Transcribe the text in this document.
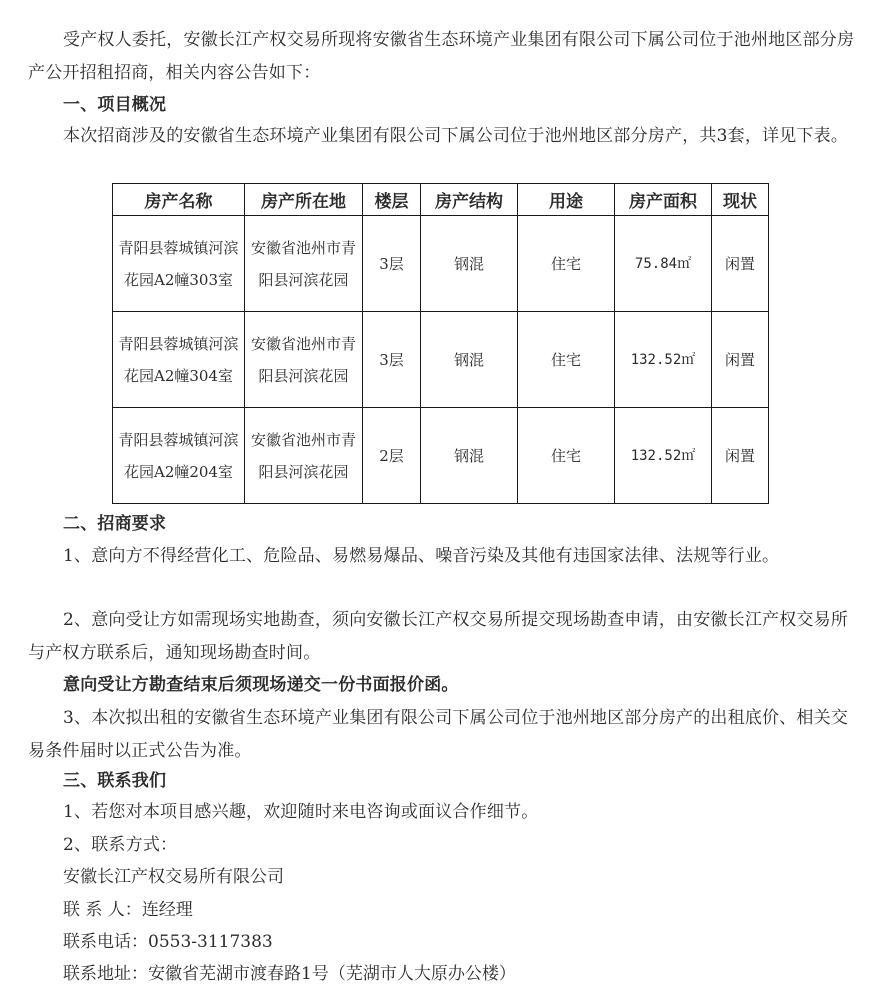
受产权人委托，安徽长江产权交易所现将安徽省生态环境产业集团有限公司下属公司位于池州地区部分房产公开招租招商，相关内容公告如下：

一、项目概况

本次招商涉及的安徽省生态环境产业集团有限公司下属公司位于池州地区部分房产，共3套，详见下表。

房产名称	房产所在地	楼层	房产结构	用途	房产面积	现状
青阳县蓉城镇河滨花园A2幢303室	安徽省池州市青阳县河滨花园	3层	钢混	住宅	75.84㎡	闲置
青阳县蓉城镇河滨花园A2幢304室	安徽省池州市青阳县河滨花园	3层	钢混	住宅	132.52㎡	闲置
青阳县蓉城镇河滨花园A2幢204室	安徽省池州市青阳县河滨花园	2层	钢混	住宅	132.52㎡	闲置

二、招商要求

1、意向方不得经营化工、危险品、易燃易爆品、噪音污染及其他有违国家法律、法规等行业。

2、意向受让方如需现场实地勘查，须向安徽长江产权交易所提交现场勘查申请，由安徽长江产权交易所与产权方联系后，通知现场勘查时间。

意向受让方勘查结束后须现场递交一份书面报价函。

3、本次拟出租的安徽省生态环境产业集团有限公司下属公司位于池州地区部分房产的出租底价、相关交易条件届时以正式公告为准。

三、联系我们

1、若您对本项目感兴趣，欢迎随时来电咨询或面议合作细节。

2、联系方式：

安徽长江产权交易所有限公司

联 系 人：连经理

联系电话：0553-3117383

联系地址：安徽省芜湖市渡春路1号（芜湖市人大原办公楼）
